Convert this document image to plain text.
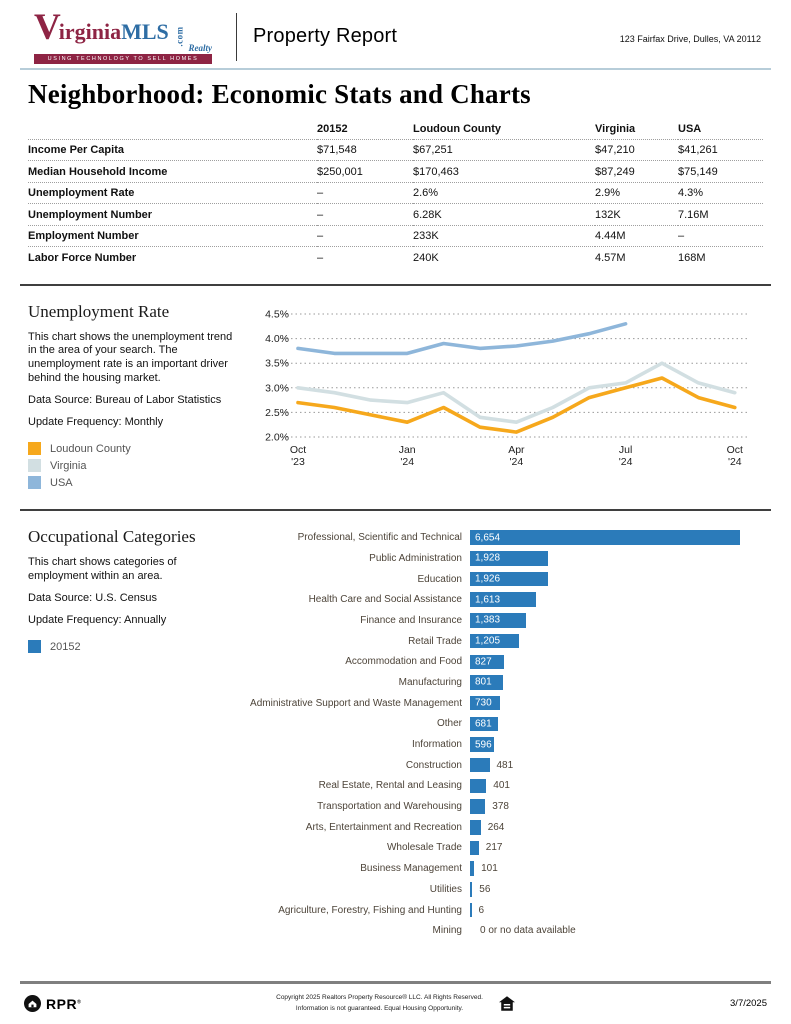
V
irginia MLS .com
Realty
USING TECHNOLOGY TO SELL HOMES
Property Report	123 Fairfax Drive, Dulles, VA 20112
Neighborhood: Economic Stats and Charts
	20152	Loudoun County	Virginia	USA
Income Per Capita	$71,548	$67,251	$47,210	$41,261
Median Household Income	$250,001	$170,463	$87,249	$75,149
Unemployment Rate	–	2.6%	2.9%	4.3%
Unemployment Number	–	6.28K	132K	7.16M
Employment Number	–	233K	4.44M	–
Labor Force Number	–	240K	4.57M	168M
Unemployment Rate

This chart shows the unemployment trend in the area of your search. The unemployment rate is an important driver behind the housing market.

Data Source: Bureau of Labor Statistics

Update Frequency: Monthly

Loudoun County
Virginia
USA
2.0%
2.5%
3.0%
3.5%
4.0%
4.5%
Oct '23
Jan '24
Apr '24
Jul '24
Oct '24
Occupational Categories

This chart shows categories of employment within an area.

Data Source: U.S. Census

Update Frequency: Annually

20152
Professional, Scientific and Technical	6,654
Public Administration	1,928
Education	1,926
Health Care and Social Assistance	1,613
Finance and Insurance	1,383
Retail Trade	1,205
Accommodation and Food	827
Manufacturing	801
Administrative Support and Waste Management	730
Other	681
Information	596
Construction	481
Real Estate, Rental and Leasing	401
Transportation and Warehousing	378
Arts, Entertainment and Recreation	264
Wholesale Trade	217
Business Management	101
Utilities	56
Agriculture, Forestry, Fishing and Hunting	6
Mining	0 or no data available
RPR®
Copyright 2025 Realtors Property Resource® LLC. All Rights Reserved.
Information is not guaranteed. Equal Housing Opportunity.	3/7/2025
